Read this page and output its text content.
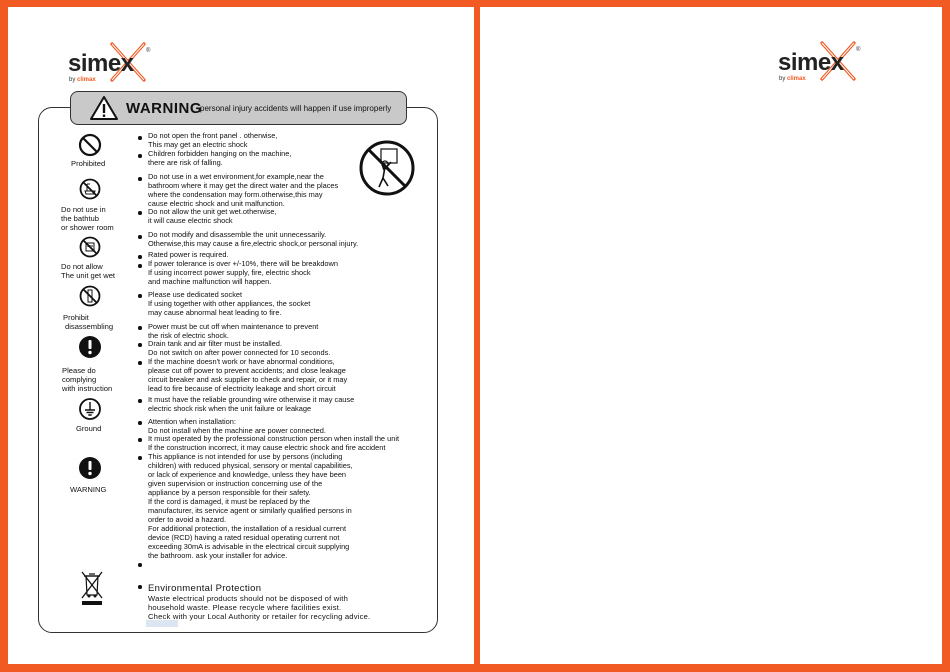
simex ®
by climax
simex ®
by climax
WARNING
personal injury accidents will happen if use improperly
Prohibited
Do not use in
the bathtub
or shower room
Do not allow
The unit get wet
Prohibit
disassembling
Please do
complying
with instruction
Ground
WARNING
Do not open the front panel . otherwise,
This may get an electric shock
Children forbidden hanging on the machine,
there are risk of falling.
Do not use in a wet environment,for example,near the
bathroom where it may get the direct water and the places
where the condensation may form.otherwise,this may
cause electric shock and unit malfunction.
Do not allow the unit get wet.otherwise,
it will cause electric shock
Do not modify and disassemble the unit unnecessarily.
Otherwise,this may cause a fire,electric shock,or personal injury.
Rated power is required.
If power tolerance is over +/-10%, there will be breakdown
If using incorrect power supply, fire, electric shock
and machine malfunction will happen.
Please use dedicated socket
If using together with other appliances, the socket
may cause abnormal heat leading to fire.
Power must be cut off when maintenance to prevent
the risk of electric shock.
Drain tank and air filter must be installed.
Do not switch on after power connected for 10 seconds.
If the machine doesn't work or have abnormal conditions,
please cut off power to prevent accidents; and close leakage
circuit breaker and ask supplier to check and repair, or it may
lead to fire because of electricity leakage and short circuit
It must have the reliable grounding wire otherwise it may cause
electric shock risk when the unit failure or leakage
Attention when installation:
Do not install when the machine are power connected.
It must operated by the professional construction person when install the unit
If the construction incorrect, it may cause electric shock and fire accident
This appliance is not intended for use by persons (including
children) with reduced physical, sensory or mental capabilities,
or lack of experience and knowledge, unless they have been
given supervision or instruction concerning use of the
appliance by a person responsible for their safety.
If the cord is damaged, it must be replaced by the
manufacturer, its service agent or similarly qualified persons in
order to avoid a hazard.
For additional protection, the installation of a residual current
device (RCD) having a rated residual operating current not
exceeding 30mA is advisable in the electrical circuit supplying
the bathroom. ask your installer for advice.
Environmental Protection
Waste electrical products should not be disposed of with
household waste. Please recycle where facilities exist.
Check with your Local Authority or retailer for recycling advice.
